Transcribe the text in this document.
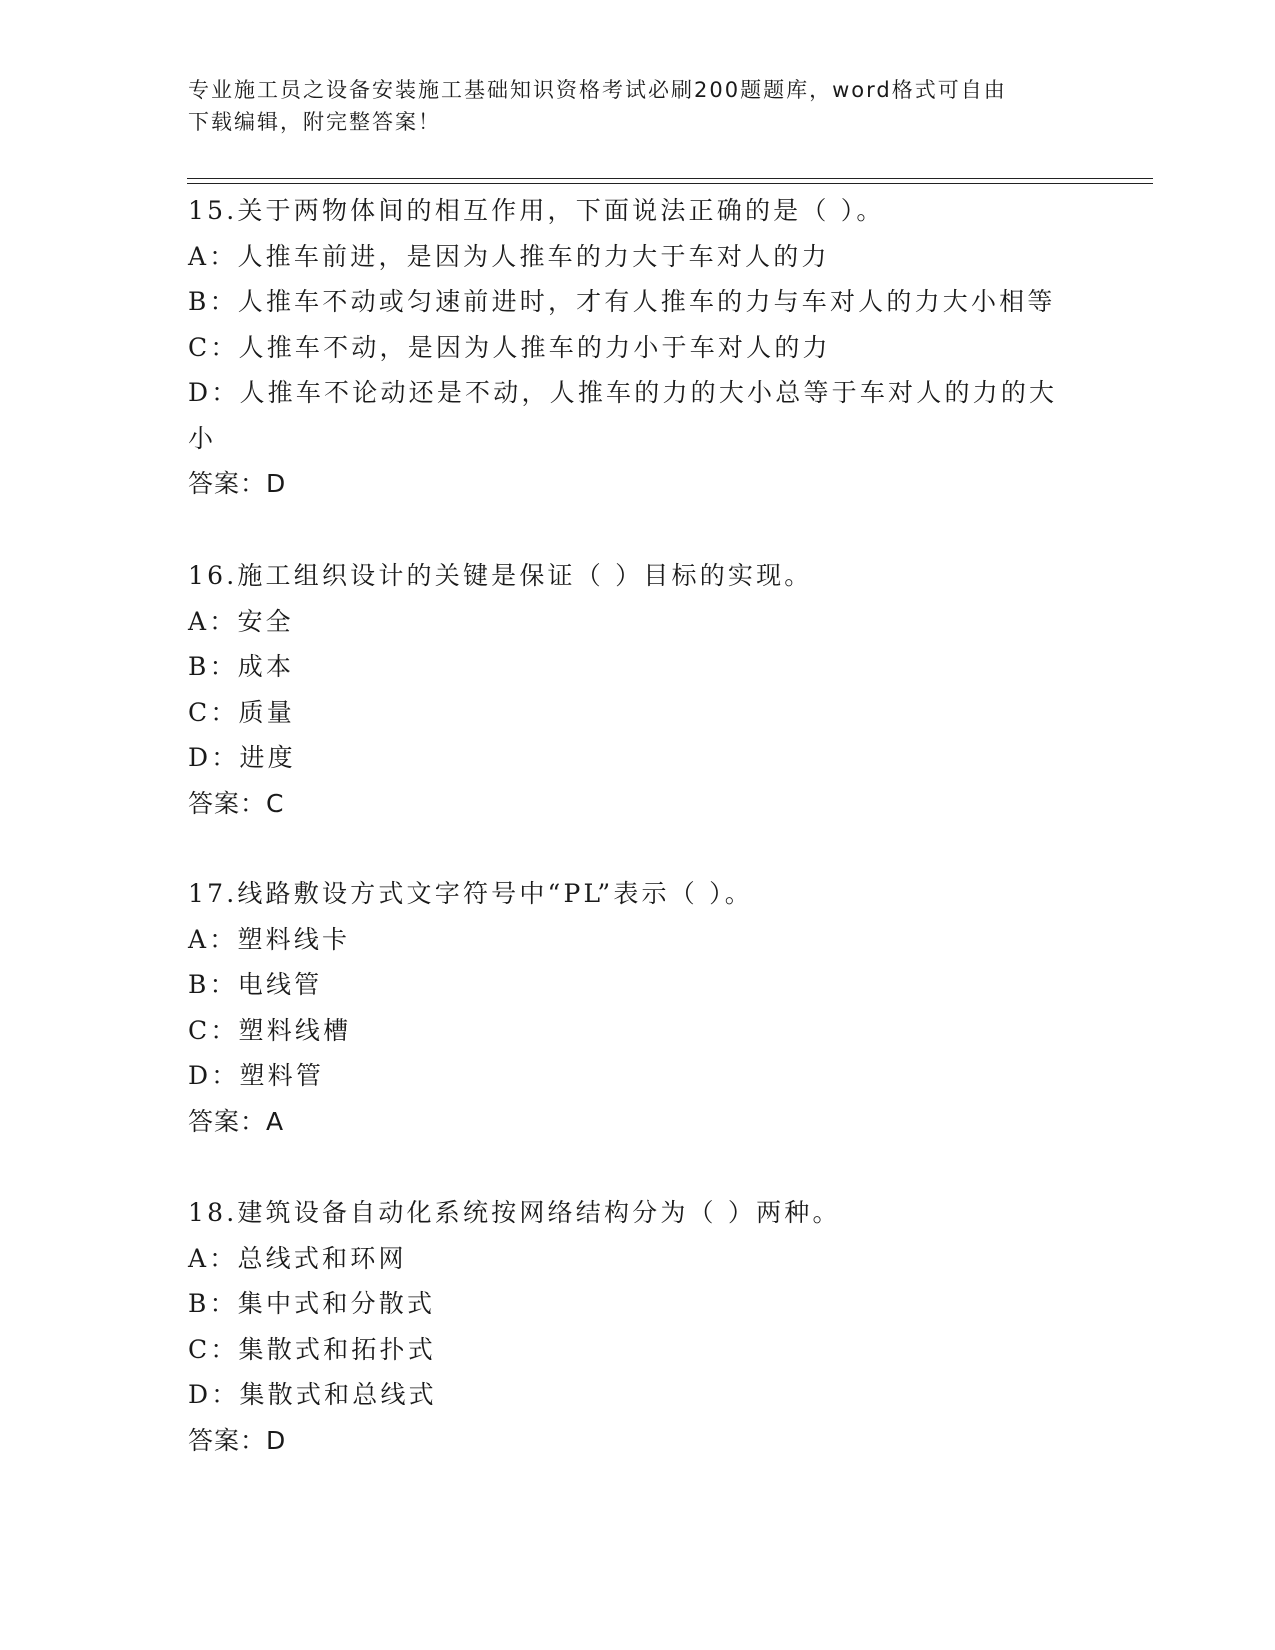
专业施工员之设备安装施工基础知识资格考试必刷200题题库，word格式可自由
下载编辑，附完整答案！
15.关于两物体间的相互作用，下面说法正确的是（ ）。
A：人推车前进，是因为人推车的力大于车对人的力
B：人推车不动或匀速前进时，才有人推车的力与车对人的力大小相等
C：人推车不动，是因为人推车的力小于车对人的力
D：人推车不论动还是不动，人推车的力的大小总等于车对人的力的大
小
答案：D
16.施工组织设计的关键是保证（ ）目标的实现。
A：安全
B：成本
C：质量
D：进度
答案：C
17.线路敷设方式文字符号中“PL”表示（ ）。
A：塑料线卡
B：电线管
C：塑料线槽
D：塑料管
答案：A
18.建筑设备自动化系统按网络结构分为（ ）两种。
A：总线式和环网
B：集中式和分散式
C：集散式和拓扑式
D：集散式和总线式
答案：D
